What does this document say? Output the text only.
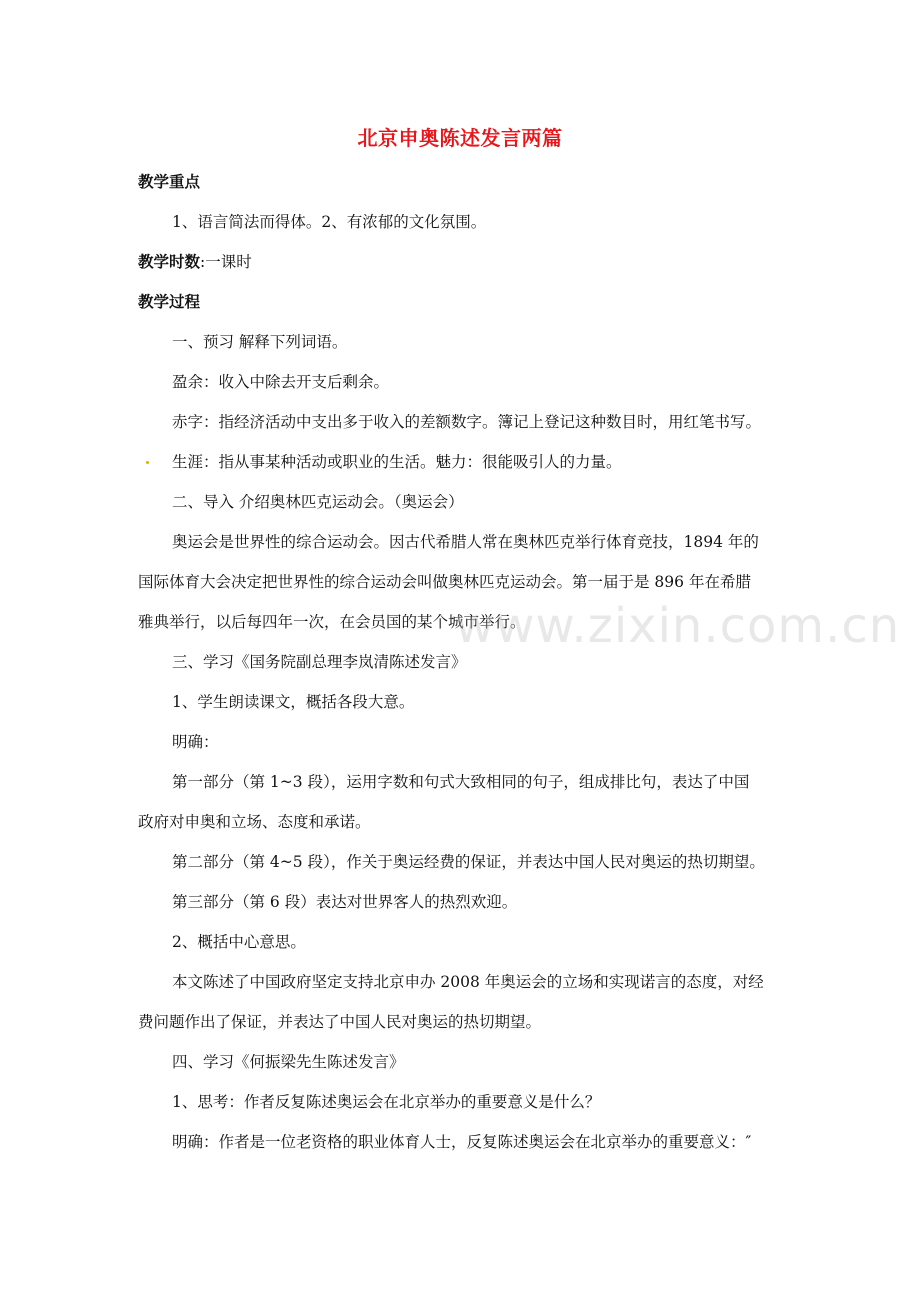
北京申奥陈述发言两篇
教学重点
1、语言简法而得体。2、有浓郁的文化氛围。
教学时数:一课时
教学过程
一、预习 解释下列词语。
盈余：收入中除去开支后剩余。
赤字：指经济活动中支出多于收入的差额数字。簿记上登记这种数目时，用红笔书写。
生涯：指从事某种活动或职业的生活。魅力：很能吸引人的力量。
二、导入 介绍奥林匹克运动会。（奥运会）
奥运会是世界性的综合运动会。因古代希腊人常在奥林匹克举行体育竞技，1894 年的
国际体育大会决定把世界性的综合运动会叫做奥林匹克运动会。第一届于是 896 年在希腊
雅典举行，以后每四年一次，在会员国的某个城市举行。
三、学习《国务院副总理李岚清陈述发言》
1、学生朗读课文，概括各段大意。
明确：
第一部分（第 1~3 段），运用字数和句式大致相同的句子，组成排比句，表达了中国
政府对申奥和立场、态度和承诺。
第二部分（第 4~5 段），作关于奥运经费的保证，并表达中国人民对奥运的热切期望。
第三部分（第 6 段）表达对世界客人的热烈欢迎。
2、概括中心意思。
本文陈述了中国政府坚定支持北京申办 2008 年奥运会的立场和实现诺言的态度，对经
费问题作出了保证，并表达了中国人民对奥运的热切期望。
四、学习《何振梁先生陈述发言》
1、思考：作者反复陈述奥运会在北京举办的重要意义是什么？
明确：作者是一位老资格的职业体育人士，反复陈述奥运会在北京举办的重要意义：″
www.zixin.com.cn
